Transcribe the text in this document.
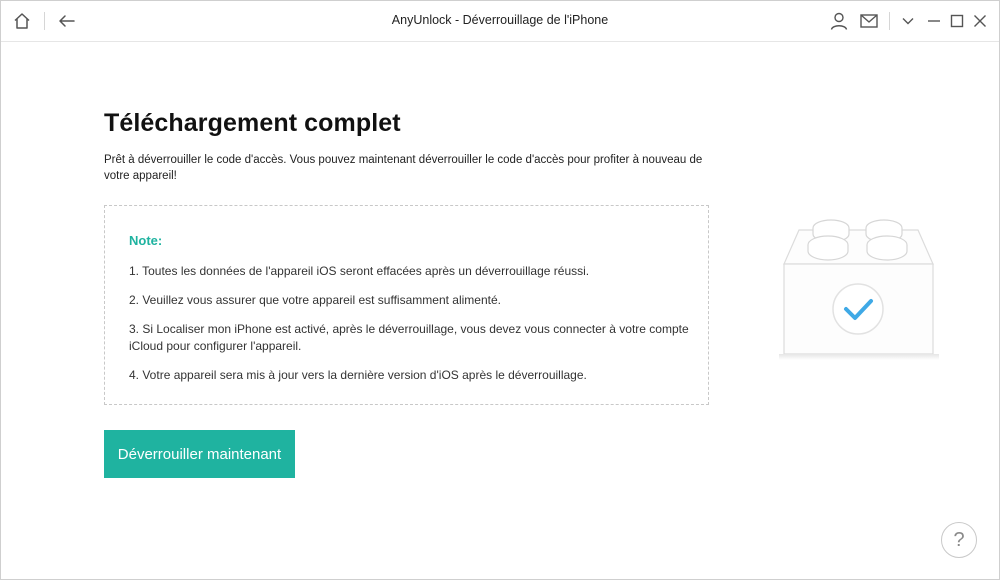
AnyUnlock - Déverrouillage de l'iPhone
Téléchargement complet

Prêt à déverrouiller le code d'accès. Vous pouvez maintenant déverrouiller le code d'accès pour profiter à nouveau de votre appareil!

Note:
1. Toutes les données de l'appareil iOS seront effacées après un déverrouillage réussi.
2. Veuillez vous assurer que votre appareil est suffisamment alimenté.
3. Si Localiser mon iPhone est activé, après le déverrouillage, vous devez vous connecter à votre compte iCloud pour configurer l'appareil.
4. Votre appareil sera mis à jour vers la dernière version d'iOS après le déverrouillage.
Déverrouiller maintenant
?
